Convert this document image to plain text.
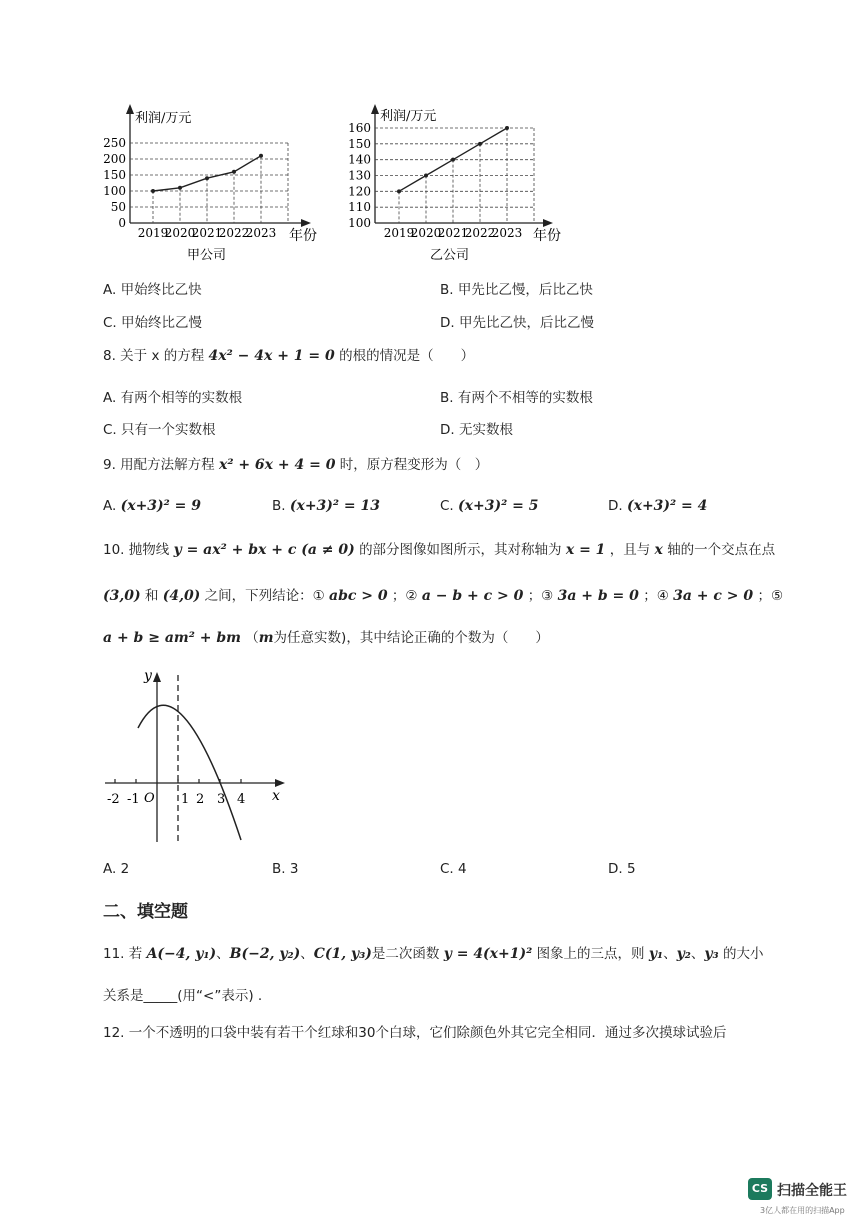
利润/万元
250
200
150
100
50
0
2019
2020
2021
2022
2023 年份
甲公司
利润/万元
160
150
140
130
120
110
100
2019
2020
2021
2022
2023 年份
乙公司
A. 甲始终比乙快	B. 甲先比乙慢，后比乙快
C. 甲始终比乙慢	D. 甲先比乙快，后比乙慢
8. 关于 x 的方程 4x² − 4x + 1 = 0 的根的情况是（　　）
A. 有两个相等的实数根	B. 有两个不相等的实数根
C. 只有一个实数根	D. 无实数根
9. 用配方法解方程 x² + 6x + 4 = 0 时，原方程变形为（　）
A. (x+3)² = 9	B. (x+3)² = 13	C. (x+3)² = 5	D. (x+3)² = 4
10. 抛物线 y = ax² + bx + c (a ≠ 0) 的部分图像如图所示，其对称轴为 x = 1 ，且与 x 轴的一个交点在点
(3,0) 和 (4,0) 之间，下列结论：① abc > 0 ；② a − b + c > 0 ；③ 3a + b = 0 ；④ 3a + c > 0 ；⑤
a + b ≥ am² + bm （m为任意实数)，其中结论正确的个数为（　　）
y
x
O
-2 -1	1 2 3 4
A. 2	B. 3	C. 4	D. 5
二、填空题
11. 若 A(−4, y₁)、B(−2, y₂)、C(1, y₃)是二次函数 y = 4(x+1)² 图象上的三点，则 y₁、y₂、y₃ 的大小
关系是_____(用“<”表示) .
12. 一个不透明的口袋中装有若干个红球和30个白球，它们除颜色外其它完全相同．通过多次摸球试验后
CS 扫描全能王
3亿人都在用的扫描App
